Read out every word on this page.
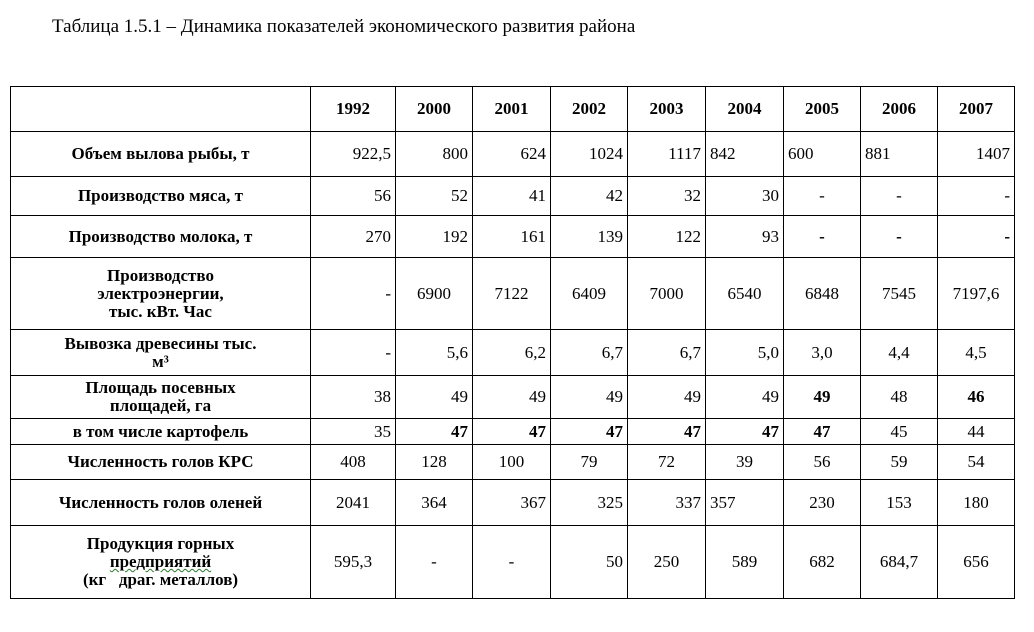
Таблица 1.5.1 – Динамика показателей экономического развития района
	1992	2000	2001	2002	2003	2004	2005	2006	2007
Объем вылова рыбы, т	922,5	800	624	1024	1117	842	600	881	1407
Производство мяса, т	56	52	41	42	32	30	-	-	-
Производство молока, т	270	192	161	139	122	93	-	-	-

Производство
электроэнергии,
тыс. кВт. Час	-	6900	7122	6409	7000	6540	6848	7545	7197,6

Вывозка древесины тыс.
м³	-	5,6	6,2	6,7	6,7	5,0	3,0	4,4	4,5

Площадь посевных
площадей, га	38	49	49	49	49	49	49	48	46
в том числе картофель	35	47	47	47	47	47	47	45	44
Численность голов КРС	408	128	100	79	72	39	56	59	54
Численность голов оленей	2041	364	367	325	337	357	230	153	180

Продукция горных
предприятий
(кг   драг. металлов)	595,3	-	-	50	250	589	682	684,7	656
